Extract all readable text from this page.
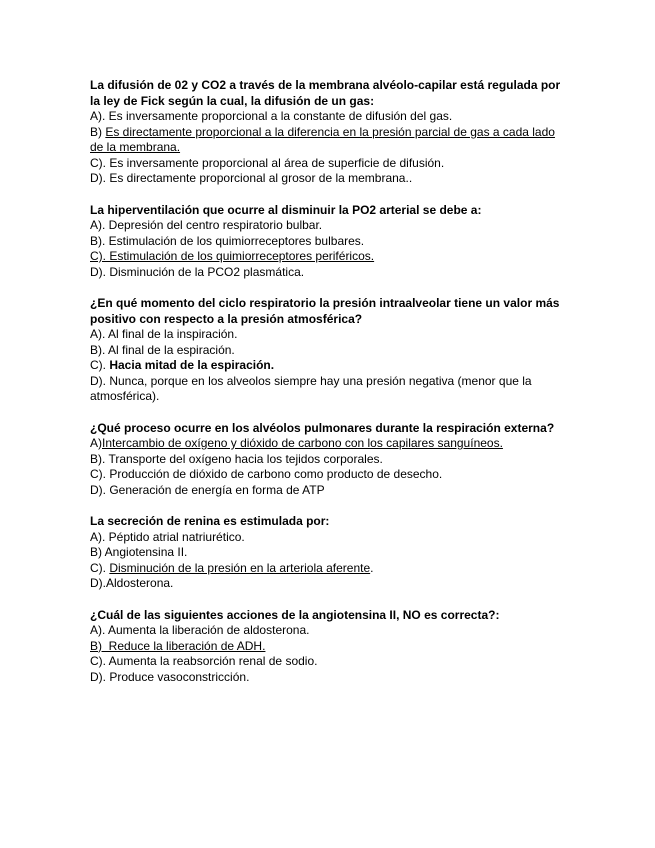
La difusión de 02 y CO2 a través de la membrana alvéolo-capilar está regulada por la ley de Fick según la cual, la difusión de un gas:

A). Es inversamente proporcional a la constante de difusión del gas.

B) Es directamente proporcional a la diferencia en la presión parcial de gas a cada lado de la membrana.

C). Es inversamente proporcional al área de superficie de difusión.

D). Es directamente proporcional al grosor de la membrana..

La hiperventilación que ocurre al disminuir la PO2 arterial se debe a:

A). Depresión del centro respiratorio bulbar.

B). Estimulación de los quimiorreceptores bulbares.

C). Estimulación de los quimiorreceptores periféricos.

D). Disminución de la PCO2 plasmática.

¿En qué momento del ciclo respiratorio la presión intraalveolar tiene un valor más positivo con respecto a la presión atmosférica?

A). Al final de la inspiración.

B). Al final de la espiración.

C). Hacia mitad de la espiración.

D). Nunca, porque en los alveolos siempre hay una presión negativa (menor que la atmosférica).

¿Qué proceso ocurre en los alvéolos pulmonares durante la respiración externa?

A)Intercambio de oxígeno y dióxido de carbono con los capilares sanguíneos.

B). Transporte del oxígeno hacia los tejidos corporales.

C). Producción de dióxido de carbono como producto de desecho.

D). Generación de energía en forma de ATP

La secreción de renina es estimulada por:

A). Péptido atrial natriurético.

B) Angiotensina II.

C). Disminución de la presión en la arteriola aferente.

D).Aldosterona.

¿Cuál de las siguientes acciones de la angiotensina II, NO es correcta?:

A). Aumenta la liberación de aldosterona.

B)  Reduce la liberación de ADH.

C). Aumenta la reabsorción renal de sodio.

D). Produce vasoconstricción.
